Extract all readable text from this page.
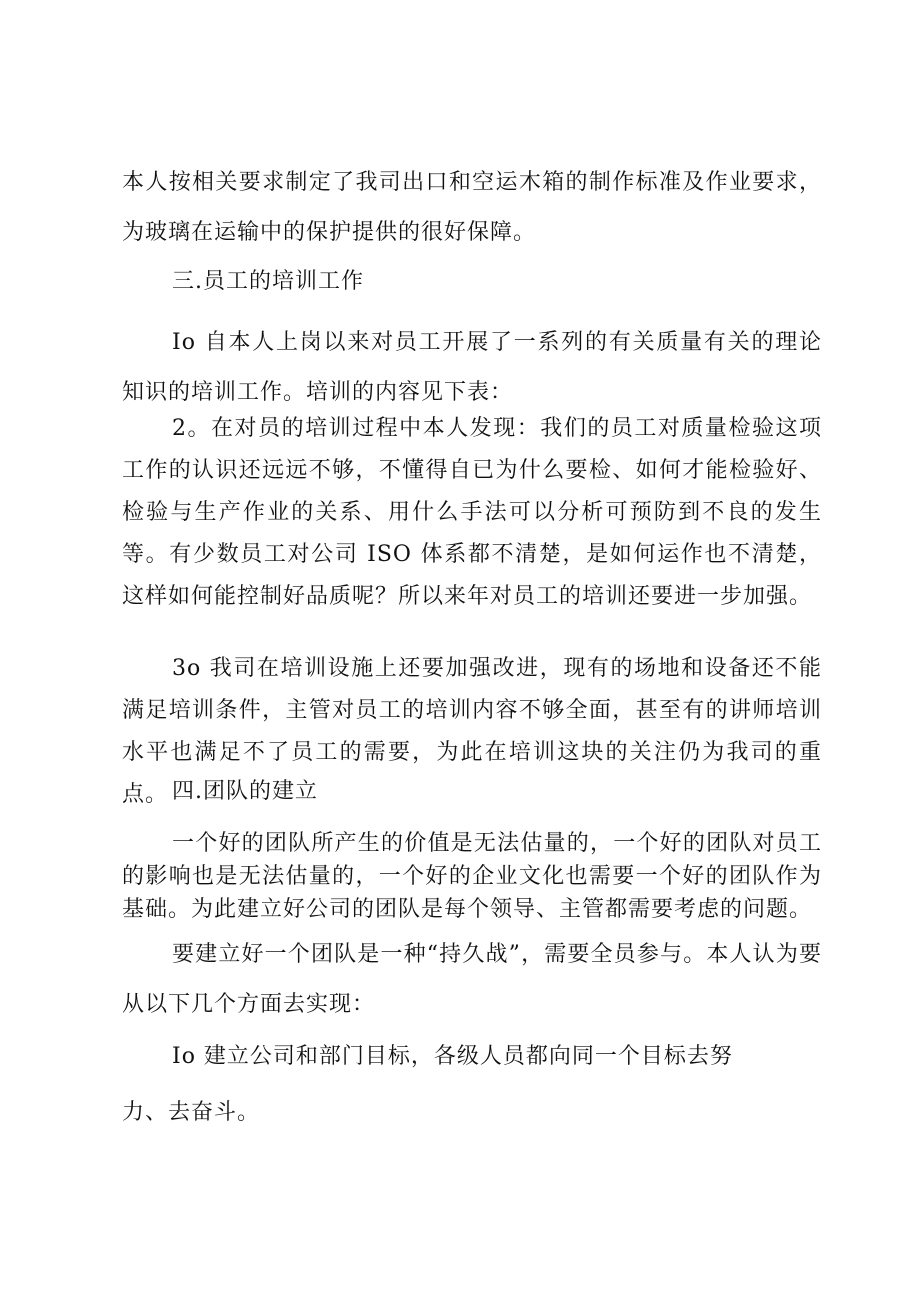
本人按相关要求制定了我司出口和空运木箱的制作标准及作业要求，为玻璃在运输中的保护提供的很好保障。

三.员工的培训工作

Io 自本人上岗以来对员工开展了一系列的有关质量有关的理论知识的培训工作。培训的内容见下表：

2。在对员的培训过程中本人发现：我们的员工对质量检验这项工作的认识还远远不够，不懂得自已为什么要检、如何才能检验好、检验与生产作业的关系、用什么手法可以分析可预防到不良的发生等。有少数员工对公司 ISO 体系都不清楚，是如何运作也不清楚，这样如何能控制好品质呢？所以来年对员工的培训还要进一步加强。

3o 我司在培训设施上还要加强改进，现有的场地和设备还不能满足培训条件，主管对员工的培训内容不够全面，甚至有的讲师培训水平也满足不了员工的需要，为此在培训这块的关注仍为我司的重点。 四.团队的建立

一个好的团队所产生的价值是无法估量的，一个好的团队对员工的影响也是无法估量的，一个好的企业文化也需要一个好的团队作为基础。为此建立好公司的团队是每个领导、主管都需要考虑的问题。

要建立好一个团队是一种“持久战”，需要全员参与。本人认为要从以下几个方面去实现：

Io 建立公司和部门目标，各级人员都向同一个目标去努

力、去奋斗。
